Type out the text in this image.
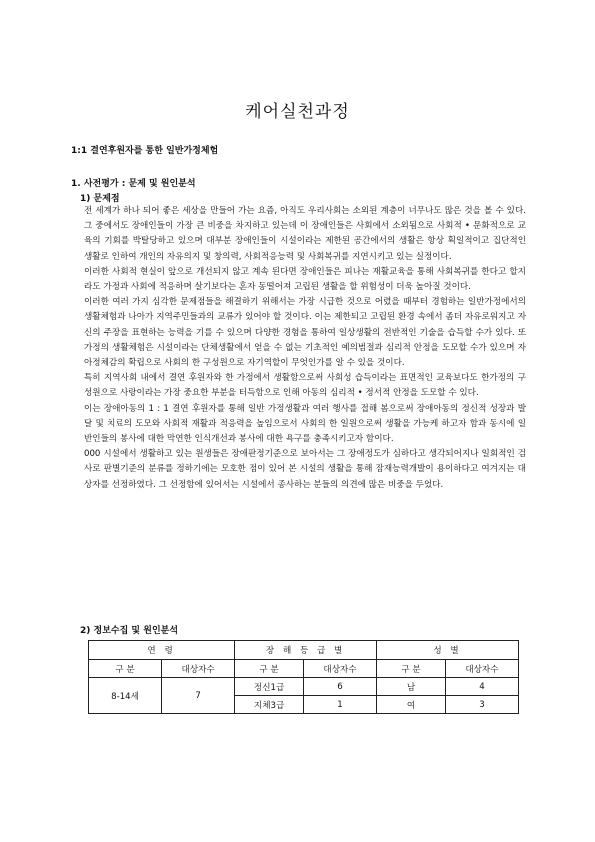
케어실천과정
1:1 결연후원자를 통한 일반가정체험
1. 사전평가 : 문제 및 원인분석
1) 문제점

전 세계가 하나 되어 좋은 세상을 만들어 가는 요즘, 아직도 우리사회는 소외된 계층이 너무나도 많은 것을 볼 수 있다. 그 중에서도 장애인들이 가장 큰 비중을 차지하고 있는데 이 장애인들은 사회에서 소외됨으로 사회적 • 문화적으로 교육의 기회를 박탈당하고 있으며 대부분 장애인들이 시설이라는 제한된 공간에서의 생활은 항상 획일적이고 집단적인 생활로 인하여 개인의 자유의지 및 창의력, 사회적응능력 및 사회복귀를 지연시키고 있는 실정이다.

이러한 사회적 현실이 앞으로 개선되지 않고 계속 된다면 장애인들은 피나는 재활교육을 통해 사회복귀를 한다고 할지라도 가정과 사회에 적응하며 살기보다는 혼자 동떨어져 고립된 생활을 할 위험성이 더욱 높아질 것이다.

이러한 여러 가지 심각한 문제점들을 해결하기 위해서는 가장 시급한 것으로 어렸을 때부터 경험하는 일반가정에서의 생활체험과 나아가 지역주민들과의 교류가 있어야 할 것이다. 이는 제한되고 고립된 환경 속에서 좀더 자유로워지고 자신의 주장을 표현하는 능력을 기를 수 있으며 다양한 경험을 통하여 일상생활의 전반적인 기술을 습득할 수가 있다. 또 가정의 생활체험은 시설이라는 단체생활에서 얻을 수 없는 기초적인 예의범절과 심리적 안정을 도모할 수가 있으며 자아정체감의 확립으로 사회의 한 구성원으로 자기역할이 무엇인가를 알 수 있을 것이다.

특히 지역사회 내에서 결연 후원자와 한 가정에서 생활함으로써 사회성 습득이라는 표면적인 교육보다도 한가정의 구성원으로 사랑이라는 가장 중요한 부분을 터득함으로 인해 아동의 심리적 • 정서적 안정을 도모할 수 있다.

이는 장애아동의 1 : 1 결연 후원자를 통해 일반 가정생활과 여러 행사를 접해 봄으로써 장애아동의 정신적 성장과 발달 및 치료의 도모와 사회적 재활과 적응력을 높임으로서 사회의 한 일원으로써 생활을 가능케 하고자 함과 동시에 일반인들의 봉사에 대한 막연한 인식개선과 봉사에 대한 욕구를 충족시키고자 함이다.

000 시설에서 생활하고 있는 원생들은 장애판정기준으로 보아서는 그 장애정도가 심하다고 생각되어지나 일회적인 검사로 판별기준의 분류를 정하기에는 모호한 점이 있어 본 시설의 생활을 통해 잠재능력개발이 용이하다고 여겨지는 대상자를 선정하였다. 그 선정함에 있어서는 시설에서 종사하는 분들의 의견에 많은 비중을 두었다.

2) 정보수집 및 원인분석
연 령		장 해 등 급 별		성 별	
구 분	대상자수	구 분	대상자수	구 분	대상자수
8-14세	7	정신1급	6	남	4
		지체3급	1	여	3
